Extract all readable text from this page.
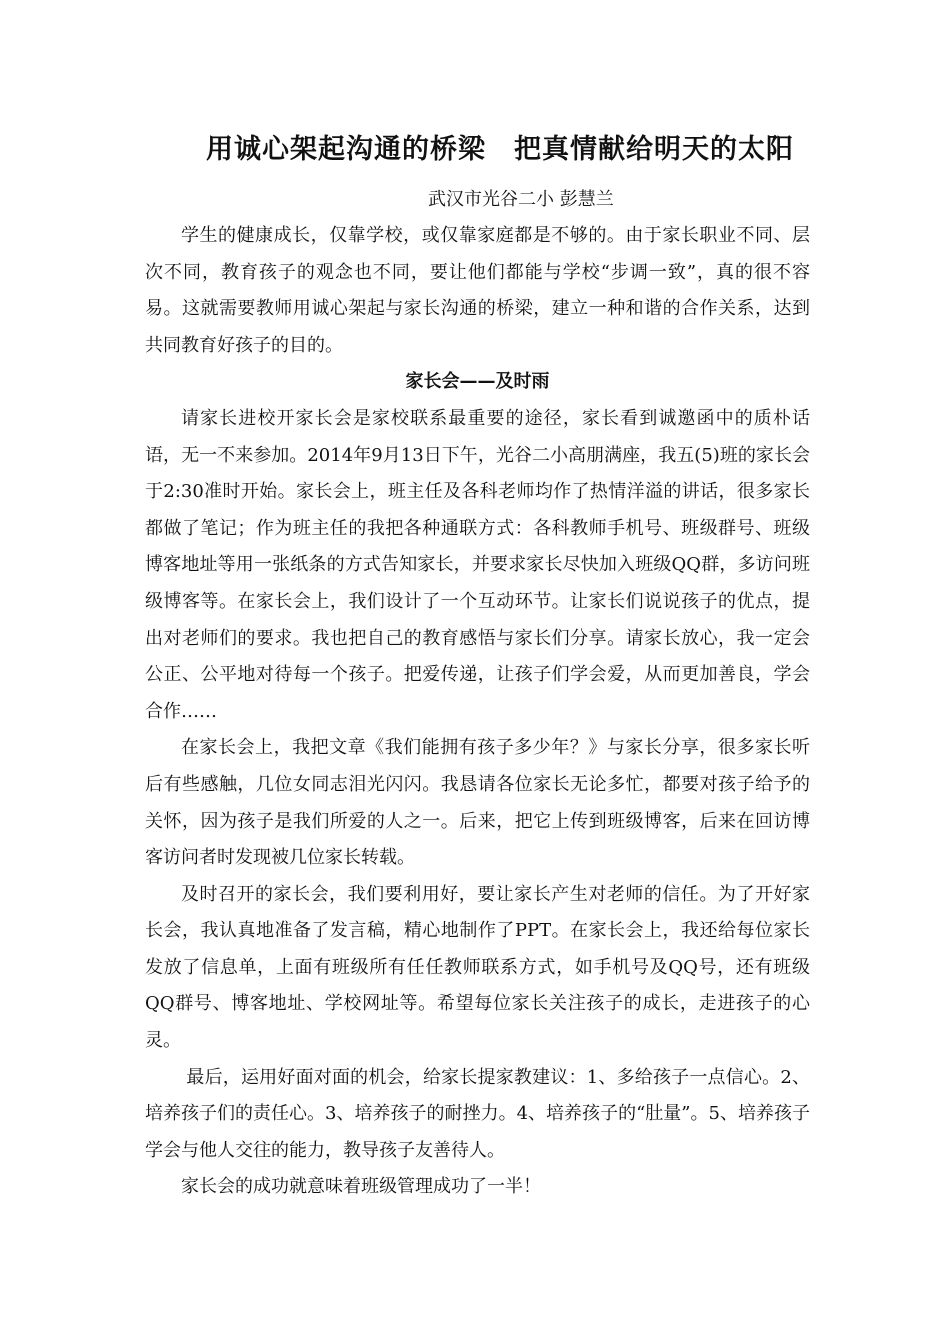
用诚心架起沟通的桥梁　把真情献给明天的太阳
武汉市光谷二小 彭慧兰

学生的健康成长，仅靠学校，或仅靠家庭都是不够的。由于家长职业不同、层次不同，教育孩子的观念也不同，要让他们都能与学校“步调一致”，真的很不容易。这就需要教师用诚心架起与家长沟通的桥梁，建立一种和谐的合作关系，达到共同教育好孩子的目的。

家长会——及时雨

请家长进校开家长会是家校联系最重要的途径，家长看到诚邀函中的质朴话语，无一不来参加。2014年9月13日下午，光谷二小高朋满座，我五(5)班的家长会于2:30准时开始。家长会上，班主任及各科老师均作了热情洋溢的讲话，很多家长都做了笔记；作为班主任的我把各种通联方式：各科教师手机号、班级群号、班级博客地址等用一张纸条的方式告知家长，并要求家长尽快加入班级QQ群，多访问班级博客等。在家长会上，我们设计了一个互动环节。让家长们说说孩子的优点，提出对老师们的要求。我也把自己的教育感悟与家长们分享。请家长放心，我一定会公正、公平地对待每一个孩子。把爱传递，让孩子们学会爱，从而更加善良，学会合作……

在家长会上，我把文章《我们能拥有孩子多少年？》与家长分享，很多家长听后有些感触，几位女同志泪光闪闪。我恳请各位家长无论多忙，都要对孩子给予的关怀，因为孩子是我们所爱的人之一。后来，把它上传到班级博客，后来在回访博客访问者时发现被几位家长转载。

及时召开的家长会，我们要利用好，要让家长产生对老师的信任。为了开好家长会，我认真地准备了发言稿，精心地制作了PPT。在家长会上，我还给每位家长发放了信息单，上面有班级所有任任教师联系方式，如手机号及QQ号，还有班级QQ群号、博客地址、学校网址等。希望每位家长关注孩子的成长，走进孩子的心灵。

最后，运用好面对面的机会，给家长提家教建议：1、多给孩子一点信心。2、培养孩子们的责任心。3、培养孩子的耐挫力。4、培养孩子的“肚量”。5、培养孩子学会与他人交往的能力，教导孩子友善待人。

家长会的成功就意味着班级管理成功了一半！
